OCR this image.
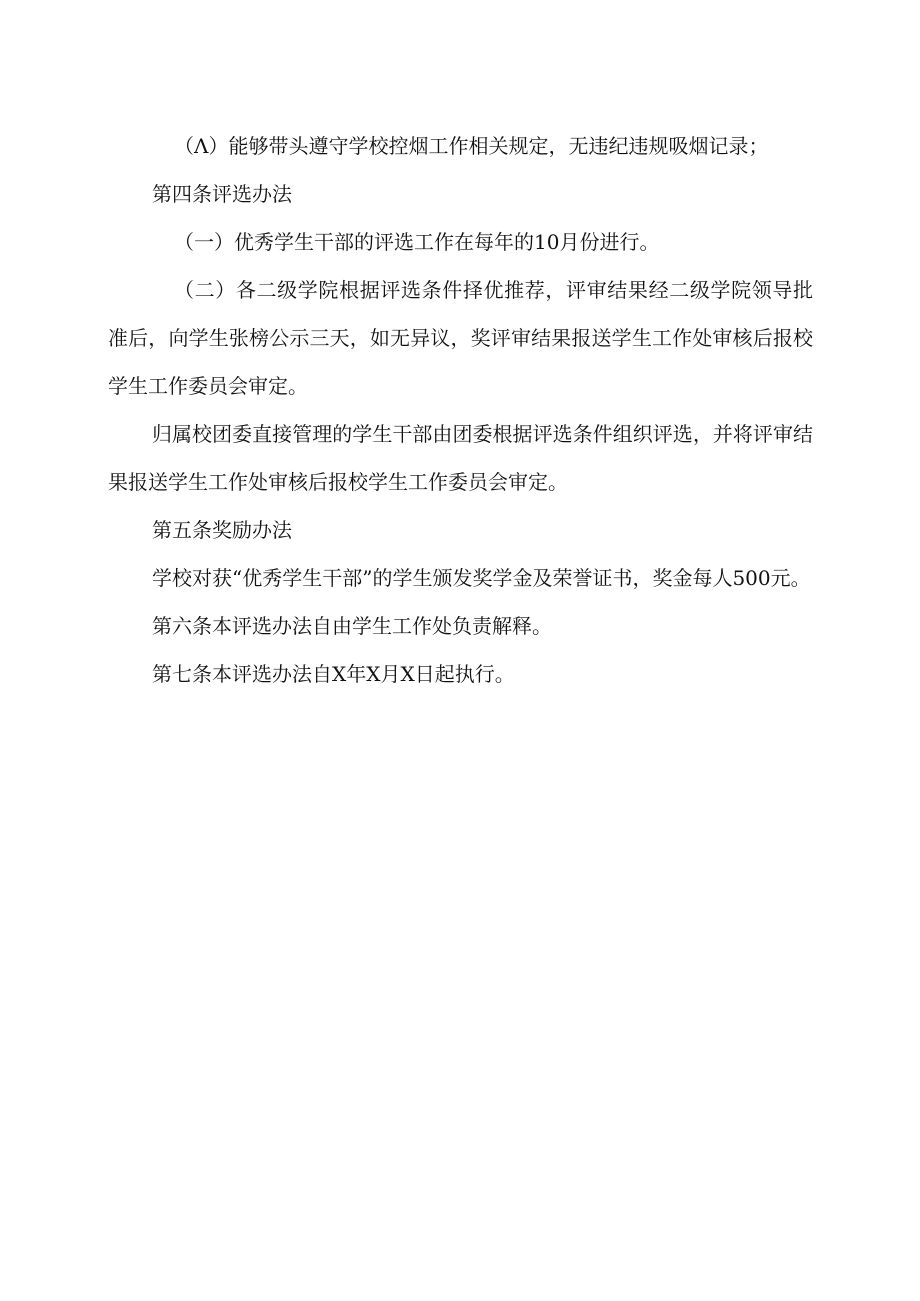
（Λ）能够带头遵守学校控烟工作相关规定，无违纪违规吸烟记录；

第四条评选办法

（一）优秀学生干部的评选工作在每年的10月份进行。

（二）各二级学院根据评选条件择优推荐，评审结果经二级学院领导批准后，向学生张榜公示三天，如无异议，奖评审结果报送学生工作处审核后报校学生工作委员会审定。

归属校团委直接管理的学生干部由团委根据评选条件组织评选，并将评审结果报送学生工作处审核后报校学生工作委员会审定。

第五条奖励办法

学校对获“优秀学生干部”的学生颁发奖学金及荣誉证书，奖金每人500元。

第六条本评选办法自由学生工作处负责解释。

第七条本评选办法自X年X月X日起执行。
